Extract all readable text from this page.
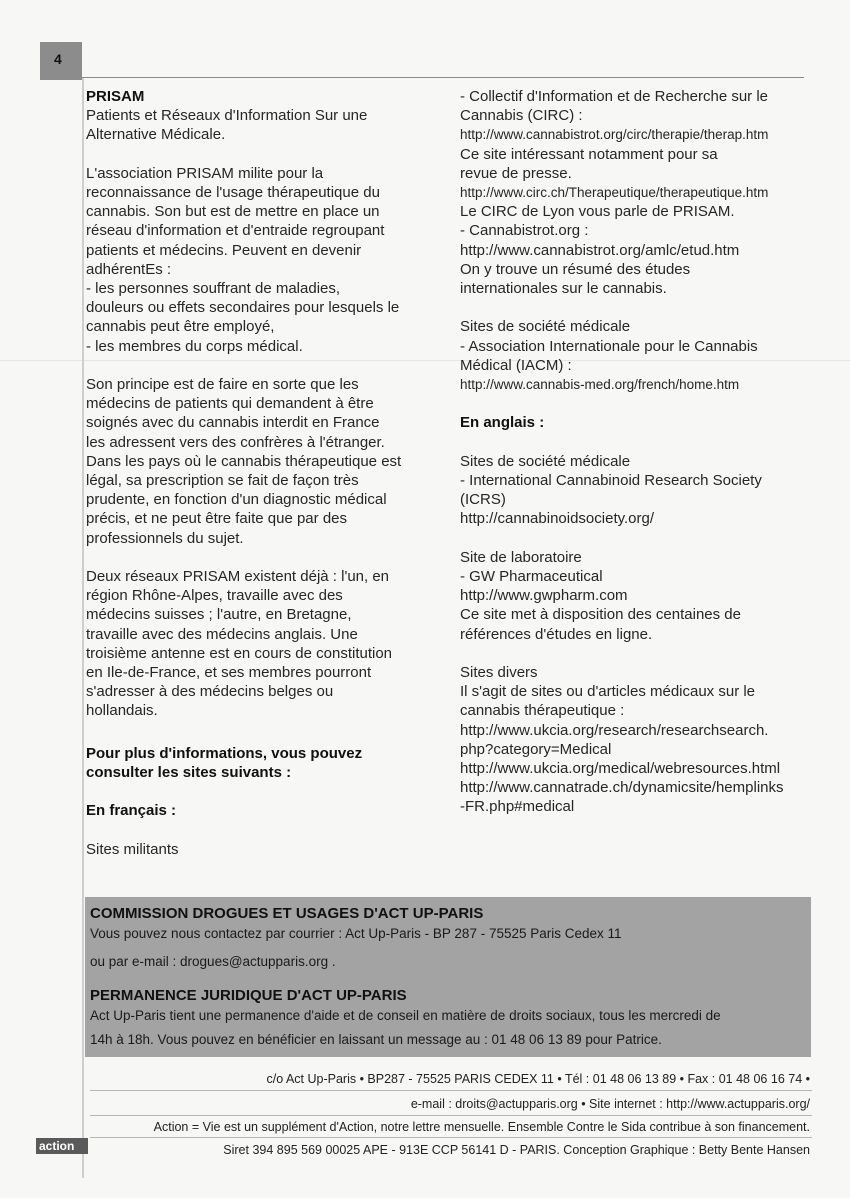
4
PRISAM
Patients et Réseaux d'Information Sur une
Alternative Médicale.
L'association PRISAM milite pour la
reconnaissance de l'usage thérapeutique du
cannabis. Son but est de mettre en place un
réseau d'information et d'entraide regroupant
patients et médecins. Peuvent en devenir
adhérentEs :
- les personnes souffrant de maladies,
douleurs ou effets secondaires pour lesquels le
cannabis peut être employé,
- les membres du corps médical.
Son principe est de faire en sorte que les
médecins de patients qui demandent à être
soignés avec du cannabis interdit en France
les adressent vers des confrères à l'étranger.
Dans les pays où le cannabis thérapeutique est
légal, sa prescription se fait de façon très
prudente, en fonction d'un diagnostic médical
précis, et ne peut être faite que par des
professionnels du sujet.
Deux réseaux PRISAM existent déjà : l'un, en
région Rhône-Alpes, travaille avec des
médecins suisses ; l'autre, en Bretagne,
travaille avec des médecins anglais. Une
troisième antenne est en cours de constitution
en Ile-de-France, et ses membres pourront
s'adresser à des médecins belges ou
hollandais.
Pour plus d'informations, vous pouvez
consulter les sites suivants :
En français :
Sites militants
- Collectif d'Information et de Recherche sur le
Cannabis (CIRC) :
http://www.cannabistrot.org/circ/therapie/therap.htm
Ce site intéressant notamment pour sa
revue de presse.
http://www.circ.ch/Therapeutique/therapeutique.htm
Le CIRC de Lyon vous parle de PRISAM.
- Cannabistrot.org :
http://www.cannabistrot.org/amlc/etud.htm
On y trouve un résumé des études
internationales sur le cannabis.
Sites de société médicale
- Association Internationale pour le Cannabis
Médical (IACM) :
http://www.cannabis-med.org/french/home.htm
En anglais :
Sites de société médicale
- International Cannabinoid Research Society
(ICRS)
http://cannabinoidsociety.org/
Site de laboratoire
- GW Pharmaceutical
http://www.gwpharm.com
Ce site met à disposition des centaines de
références d'études en ligne.
Sites divers
Il s'agit de sites ou d'articles médicaux sur le
cannabis thérapeutique :
http://www.ukcia.org/research/researchsearch.
php?category=Medical
http://www.ukcia.org/medical/webresources.html
http://www.cannatrade.ch/dynamicsite/hemplinks
-FR.php#medical
COMMISSION DROGUES ET USAGES D'ACT UP-PARIS
Vous pouvez nous contactez par courrier : Act Up-Paris - BP 287 - 75525 Paris Cedex 11
ou par e-mail : drogues@actupparis.org .
PERMANENCE JURIDIQUE D'ACT UP-PARIS
Act Up-Paris tient une permanence d'aide et de conseil en matière de droits sociaux, tous les mercredi de
14h à 18h. Vous pouvez en bénéficier en laissant un message au : 01 48 06 13 89 pour Patrice.
c/o Act Up-Paris • BP287 - 75525 PARIS CEDEX 11 • Tél : 01 48 06 13 89 • Fax : 01 48 06 16 74 •
e-mail : droits@actupparis.org • Site internet : http://www.actupparis.org/
Action = Vie est un supplément d'Action, notre lettre mensuelle. Ensemble Contre le Sida contribue à son financement.
Siret 394 895 569 00025 APE - 913E CCP 56141 D - PARIS. Conception Graphique : Betty Bente Hansen
action
